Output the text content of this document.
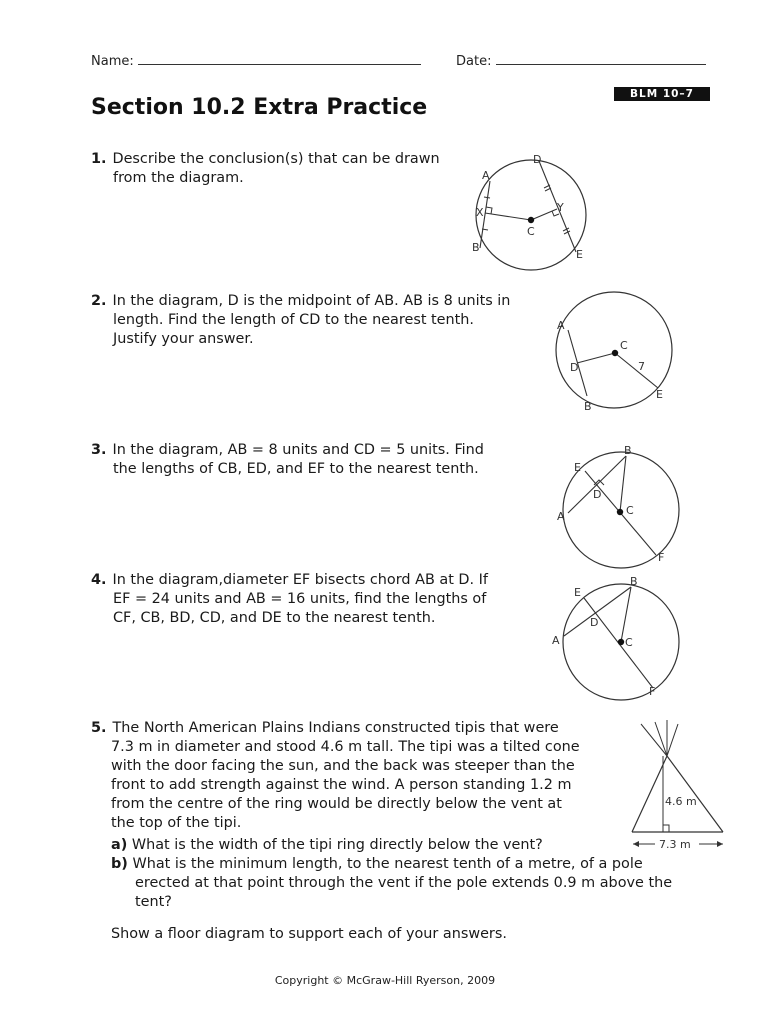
Name:	Date:
BLM 10–7
Section 10.2 Extra Practice
1. Describe the conclusion(s) that can be drawn
from the diagram.	A
B
C
D
E
X	Y
2. In the diagram, D is the midpoint of AB. AB is 8 units in
length. Find the length of CD to the nearest tenth.
Justify your answer.
A
B
C
D
E
7
3. In the diagram, AB = 8 units and CD = 5 units. Find
the lengths of CB, ED, and EF to the nearest tenth.
A
B
C
D
E
F
4. In the diagram,diameter EF bisects chord AB at D. If
EF = 24 units and AB = 16 units, find the lengths of
CF, CB, BD, CD, and DE to the nearest tenth.
A
B
C
D
E
F
5. The North American Plains Indians constructed tipis that were
7.3 m in diameter and stood 4.6 m tall. The tipi was a tilted cone
with the door facing the sun, and the back was steeper than the
front to add strength against the wind. A person standing 1.2 m
from the centre of the ring would be directly below the vent at
the top of the tipi.
a) What is the width of the tipi ring directly below the vent?
b) What is the minimum length, to the nearest tenth of a metre, of a pole
erected at that point through the vent if the pole extends 0.9 m above the
tent?
Show a floor diagram to support each of your answers.
4.6 m
7.3 m
Copyright © McGraw-Hill Ryerson, 2009
